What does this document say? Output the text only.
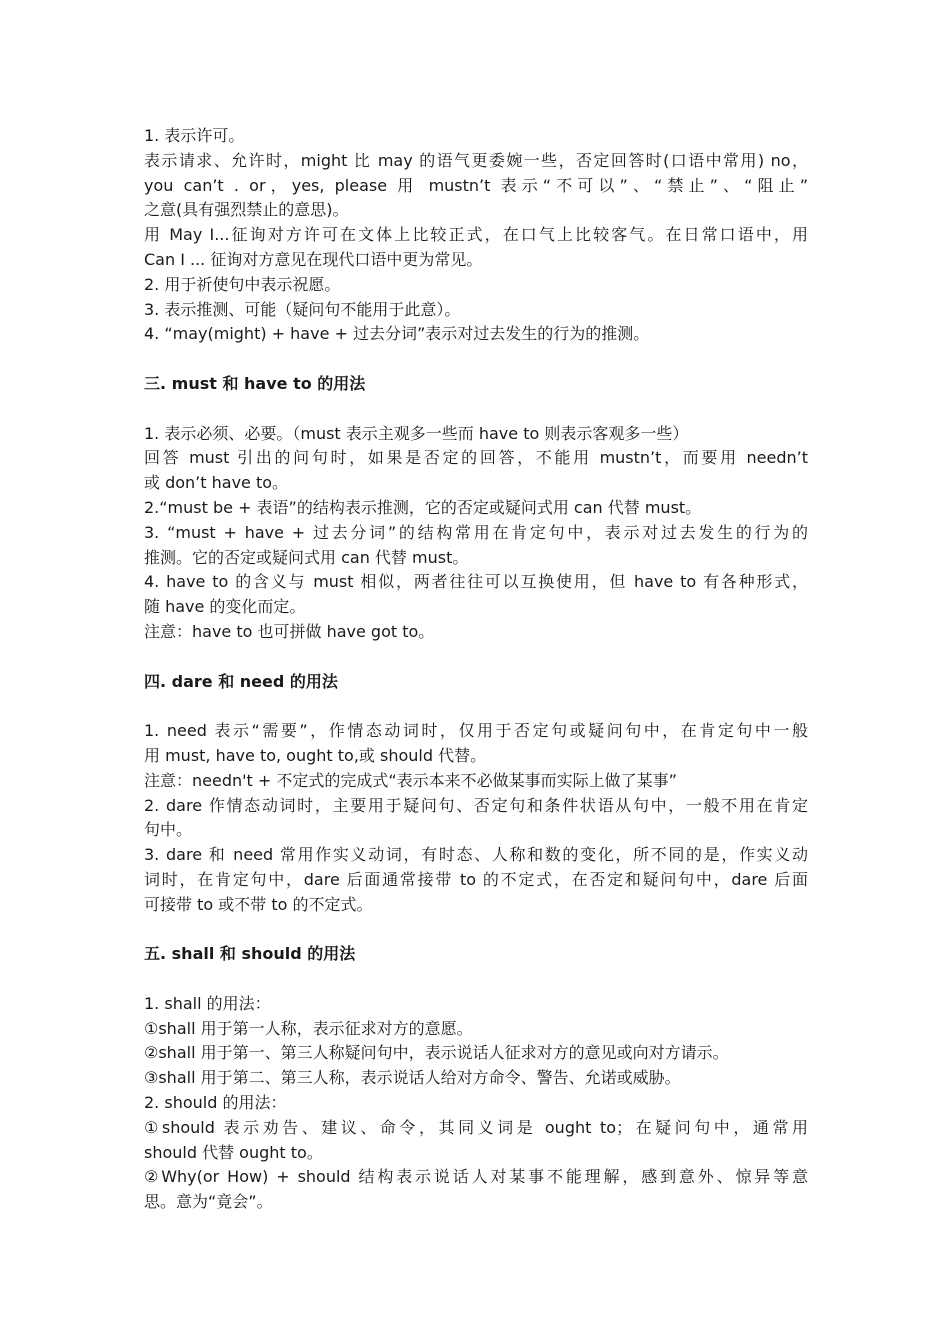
1. 表示许可。
表示请求、允许时，might 比 may 的语气更委婉一些，否定回答时(口语中常用) no，
you can’t . or，yes, please 用 mustn’t 表示“不可以”、“禁止”、“阻止”
之意(具有强烈禁止的意思)。
用 May I...征询对方许可在文体上比较正式，在口气上比较客气。在日常口语中，用
Can I ... 征询对方意见在现代口语中更为常见。
2. 用于祈使句中表示祝愿。
3. 表示推测、可能（疑问句不能用于此意）。
4. “may(might) + have + 过去分词”表示对过去发生的行为的推测。
三. must 和 have to 的用法
1. 表示必须、必要。（must 表示主观多一些而 have to 则表示客观多一些）
回答 must 引出的问句时，如果是否定的回答，不能用 mustn’t，而要用 needn’t
或 don’t have to。
2.“must be + 表语”的结构表示推测，它的否定或疑问式用 can 代替 must。
3. “must + have + 过去分词”的结构常用在肯定句中，表示对过去发生的行为的
推测。它的否定或疑问式用 can 代替 must。
4. have to 的含义与 must 相似，两者往往可以互换使用，但 have to 有各种形式，
随 have 的变化而定。
注意：have to 也可拼做 have got to。
四. dare 和 need 的用法
1. need 表示“需要”，作情态动词时，仅用于否定句或疑问句中，在肯定句中一般
用 must, have to, ought to,或 should 代替。
注意：needn't + 不定式的完成式“表示本来不必做某事而实际上做了某事”
2. dare 作情态动词时，主要用于疑问句、否定句和条件状语从句中，一般不用在肯定
句中。
3. dare 和 need 常用作实义动词，有时态、人称和数的变化，所不同的是，作实义动
词时，在肯定句中，dare 后面通常接带 to 的不定式，在否定和疑问句中，dare 后面
可接带 to 或不带 to 的不定式。
五. shall 和 should 的用法
1. shall 的用法：
①shall 用于第一人称，表示征求对方的意愿。
②shall 用于第一、第三人称疑问句中，表示说话人征求对方的意见或向对方请示。
③shall 用于第二、第三人称，表示说话人给对方命令、警告、允诺或威胁。
2. should 的用法：
①should 表示劝告、建议、命令，其同义词是 ought to；在疑问句中，通常用
should 代替 ought to。
②Why(or How) + should 结构表示说话人对某事不能理解，感到意外、惊异等意
思。意为“竟会”。
